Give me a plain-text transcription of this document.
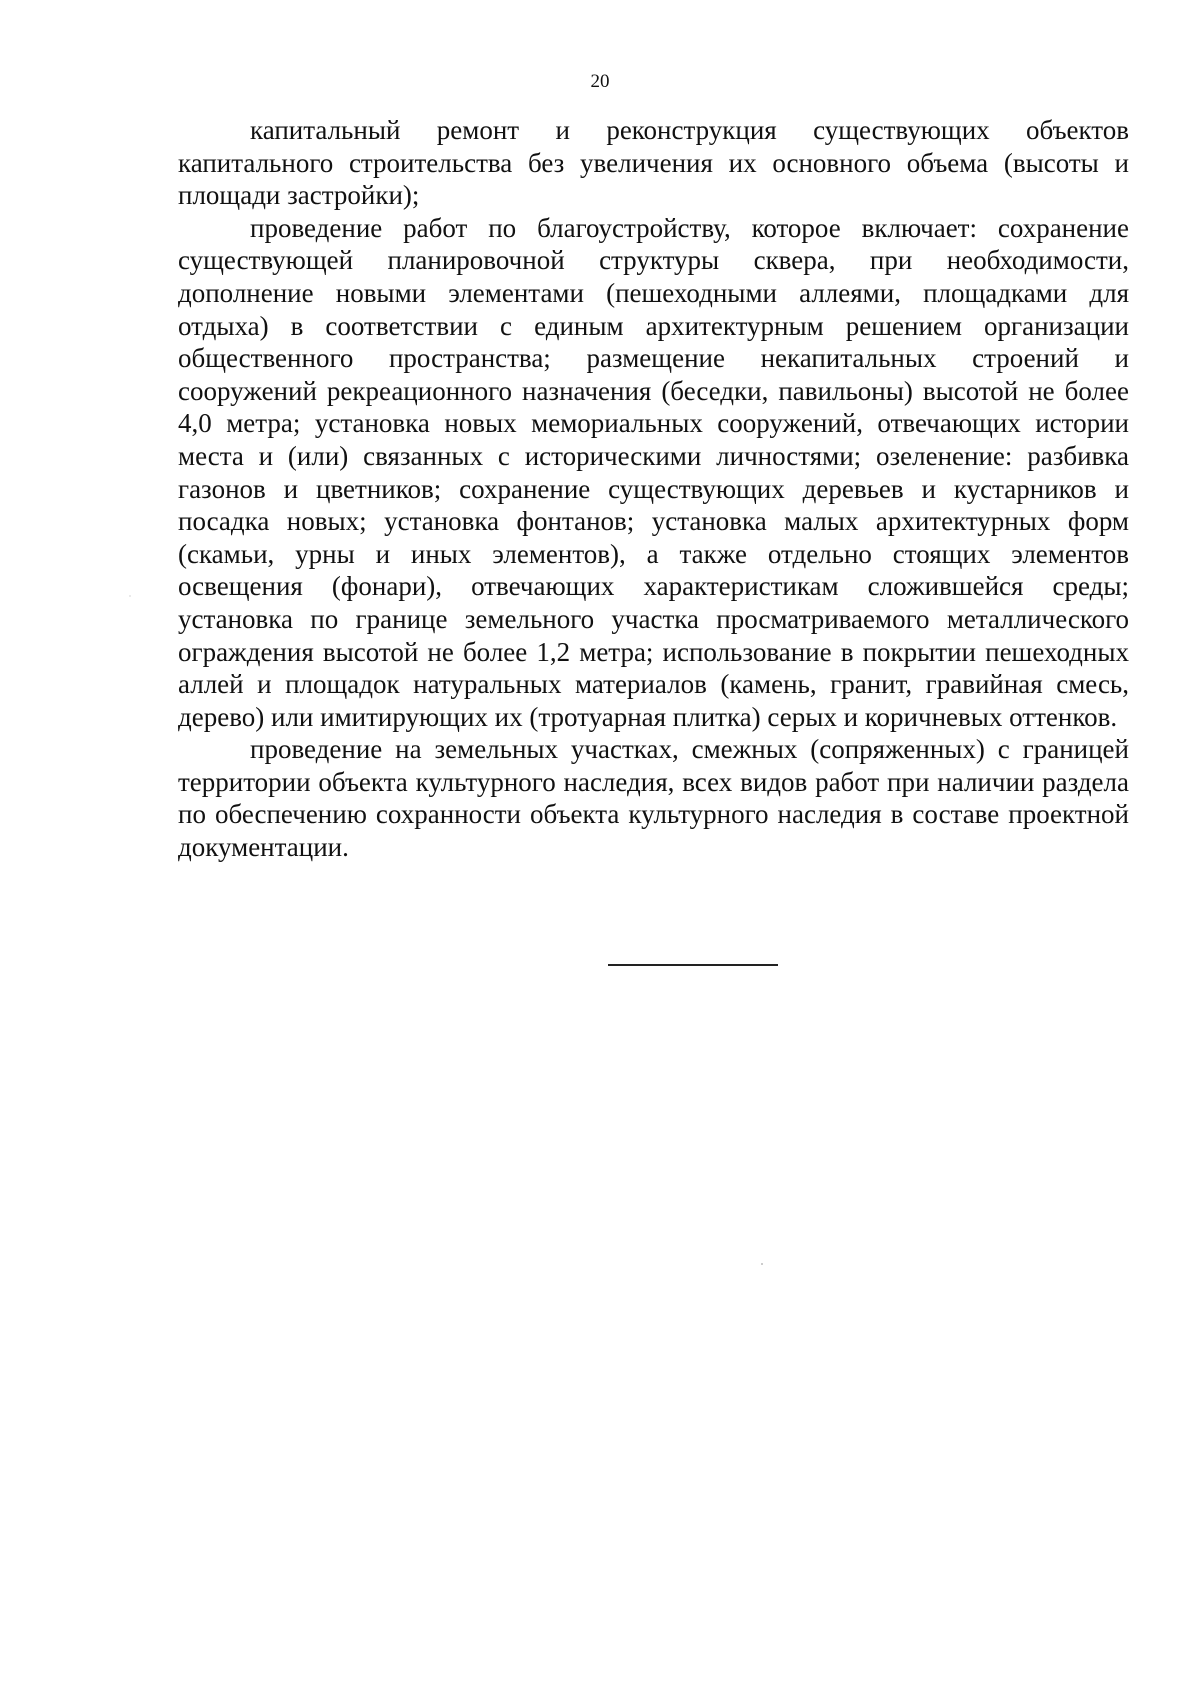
20

капитальный ремонт и реконструкция существующих объектов капитального строительства без увеличения их основного объема (высоты и площади застройки);

проведение работ по благоустройству, которое включает: сохранение существующей планировочной структуры сквера, при необходимости, дополнение новыми элементами (пешеходными аллеями, площадками для отдыха) в соответствии с единым архитектурным решением организации общественного пространства; размещение некапитальных строений и сооружений рекреационного назначения (беседки, павильоны) высотой не более 4,0 метра; установка новых мемориальных сооружений, отвечающих истории места и (или) связанных с историческими личностями; озеленение: разбивка газонов и цветников; сохранение существующих деревьев и кустарников и посадка новых; установка фонтанов; установка малых архитектурных форм (скамьи, урны и иных элементов), а также отдельно стоящих элементов освещения (фонари), отвечающих характеристикам сложившейся среды; установка по границе земельного участка просматриваемого металлического ограждения высотой не более 1,2 метра; использование в покрытии пешеходных аллей и площадок натуральных материалов (камень, гранит, гравийная смесь, дерево) или имитирующих их (тротуарная плитка) серых и коричневых оттенков.

проведение на земельных участках, смежных (сопряженных) с границей территории объекта культурного наследия, всех видов работ при наличии раздела по обеспечению сохранности объекта культурного наследия в составе проектной документации.
